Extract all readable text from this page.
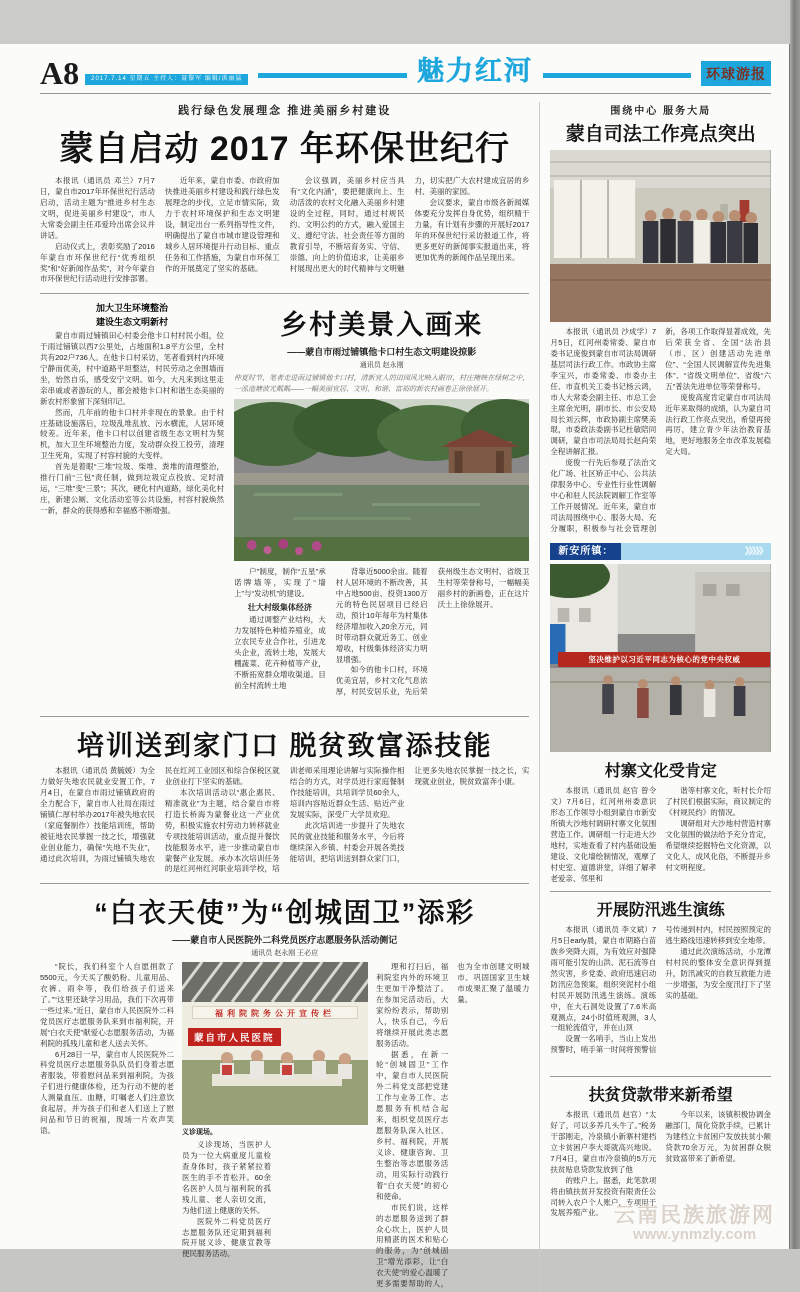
A8	2017.7.14 星期五 主持人：聂黎军 编辑/洪丽猛	魅力红河	环球游报
践行绿色发展理念 推进美丽乡村建设
蒙自启动 2017 年环保世纪行

本报讯（通讯员 邓兰）7月7日，蒙自市2017年环保世纪行活动启动，活动主题为“推进乡村生态文明，促进美丽乡村建设”，市人大常委会副主任邓爱玲出席会议并讲话。

启动仪式上，表彰奖励了2016年蒙自市环保世纪行“优秀组织奖”和“好新闻作品奖”，对今年蒙自市环保世纪行活动进行安排部署。

近年来，蒙自市委、市政府加快推进美丽乡村建设和践行绿色发展理念的步伐，立足市情实际，致力于农村环境保护和生态文明建设，制定出台一系列指导性文件，明确提出了蒙自市城市建设管理和城乡人居环境提升行动目标、重点任务和工作措施，为蒙自市环保工作的开展奠定了坚实的基础。

会议强调，美丽乡村应当具有“文化内涵”，要把健康向上、生动活泼的农村文化融入美丽乡村建设的全过程，同时，通过村规民约、文明公约的方式，融入爱国主义、遵纪守法、社会责任等方面的教育引导，不断培育务实、守信、崇德、向上的价值追求，让美丽乡村展现出更大的时代精神与文明魅力，切实把广大农村建成宜居的乡村、美丽的家园。

会议要求，蒙自市级各新闻媒体要充分发挥自身优势，组织精干力量，有计划有步骤的开展好2017年的环保世纪行采访报道工作，将更多更好的新闻事实报道出来，将更加优秀的新闻作品呈现出来。

加大卫生环境整治
建设生态文明新村

蒙自市雨过铺镇田心村委会他卡口村村民小组，位于雨过铺镇以西7公里处，占地面积1.8平方公里，全村共有202户736人。在他卡口村采访，笔者看到村内环境宁静而优美，村中道路平坦整洁，村民劳动之余围墙而坐，怡然自乐，感受安宁文明。如今，大凡来到这里走亲串戚或者游玩的人，都会被他卡口村和谐生态美丽的新农村形象留下深刻印记。

然而，几年前的他卡口村并非现在的景象。由于村庄基础设施落后，垃圾乱堆乱放、污水横流，人居环境较差。近年来，他卡口村以创建省级生态文明村为契机，加大卫生环境整治力度，发动群众投工投劳，清理卫生死角，实现了村容村貌的大变样。

首先是着眼“三堆”垃圾、柴堆、粪堆的清理整治，推行门前“三包”责任制，做到垃圾定点投放、定时清运，“三堆”变“三景”；其次，硬化村内道路，绿化美化村庄，新建公厕、文化活动室等公共设施，村容村貌焕然一新，群众的获得感和幸福感不断增强。

乡村美景入画来
——蒙自市雨过铺镇他卡口村生态文明建设掠影
通讯员 赵永刚
仲夏时节，笔者走进雨过铺镇他卡口村，清新宜人的田园风光映入眼帘，村庄掩映在绿树之中，一泓池塘波光粼粼——一幅美丽宜居、文明、和谐、富裕的新农村画卷正徐徐展开。

户”制度，制作“五星”承诺牌墙等，实现了“墙上”与“发动机”的建设。

壮大村级集体经济

通过调整产业结构，大力发展特色种植养殖业，成立农民专业合作社，引进龙头企业，流转土地，发展大棚蔬菜、花卉种植等产业，不断拓宽群众增收渠道。目前全村流转土地

背靠近5000余亩。随着村人居环境的不断改善，其中占地500亩、投资1300万元的特色民居项目已经启动，预计10年每年为村集体经济增加收入20余万元，同时带动群众就近务工、创业增收，村级集体经济实力明显增强。

如今的他卡口村，环境优美宜居，乡村文化气息浓厚，村民安居乐业，先后荣获州级生态文明村、省级卫生村等荣誉称号，一幅幅美丽乡村的新画卷，正在这片沃土上徐徐展开。

培训送到家门口 脱贫致富添技能

本报讯（通讯员 黄毓媛）为全力做好失地农民就业安置工作，7月4日，在蒙自市雨过铺镇政府的全力配合下，蒙自市人社局在雨过铺镇仁厚村举办2017年被失地农民（家庭餐制作）技能培训班，帮助被征地农民掌握一技之长，增强就业创业能力，确保“失地不失业”，通过此次培训，为雨过铺镇失地农民在红河工业园区和综合保税区就业创业打下坚实的基础。

本次培训活动以“惠企惠民、精准就业”为主题，结合蒙自市将打造长桥海为蒙餐业这一产业优势，积极实施农村劳动力转移就业专项技能培训活动，重点提升餐饮技能服务水平，进一步推动蒙自市蒙餐产业发展。承办本次培训任务的是红河州红河职业培训学校，培训老师采用理论讲解与实际操作相结合的方式，对学员进行家庭餐制作技能培训，共培训学员60余人，培训内容贴近群众生活、贴近产业发展实际，深受广大学员欢迎。

此次培训进一步提升了失地农民的就业技能和服务水平，今后将继续深入乡镇、村委会开展各类技能培训，把培训送到群众家门口，让更多失地农民掌握一技之长，实现就业创业，脱贫致富奔小康。

“白衣天使”为“创城固卫”添彩
——蒙自市人民医院外二科党员医疗志愿服务队活动侧记
通讯员 赵永刚 王必应

“院长，我们科室个人自愿捐款了5500元，今天买了酸奶粉、儿童用品、衣裤、雨伞等，我们给孩子们送来了。”“这里还缺学习用品，我们下次再带一些过来。”近日，蒙自市人民医院外二科党员医疗志愿服务队来到市福利院，开展“白衣天使”献爱心志愿服务活动，为福利院的孤残儿童和老人送去关怀。

6月28日一早，蒙自市人民医院外二科党员医疗志愿服务队队员们身着志愿者服装，带着慰问品来到福利院，为孩子们进行健康体检，还为行动不便的老人测量血压、血糖，叮嘱老人们注意饮食起居，并为孩子们和老人们送上了慰问品和节日的祝福，现场一片欢声笑语。

福利院院务公开宣传栏
蒙自市人民医院
义诊现场。

义诊现场，当医护人员为一位大病重度儿童检查身体时，孩子紧紧拉着医生的手不肯松开。60余名医护人员与福利院的孤残儿童、老人亲切交流，为他们送上健康的关怀。

医院外二科党员医疗志愿服务队还定期到福利院开展义诊、健康宣教等便民服务活动。

理和打扫后，福利院室内外的环境卫生更加干净整洁了。在参加完活动后，大家纷纷表示，帮助别人，快乐自己，今后将继续开展此类志愿服务活动。

据悉，在新一轮“创城固卫”工作中，蒙自市人民医院外二科党支部把党建工作与业务工作、志愿服务有机结合起来，组织党员医疗志愿服务队深入社区、乡村、福利院，开展义诊、健康咨询、卫生整治等志愿服务活动，用实际行动践行着“白衣天使”的初心和使命。

市民们说，这样的志愿服务送到了群众心坎上，医护人员用精湛的医术和贴心的服务，为“创城固卫”增光添彩，让“白衣天使”的爱心温暖了更多需要帮助的人，也为全市创建文明城市、巩固国家卫生城市成果汇聚了温暖力量。

围绕中心 服务大局
蒙自司法工作亮点突出

本报讯（通讯员 沙成学）7月5日，红河州委常委、蒙自市委书记庞俊到蒙自市司法局调研基层司法行政工作。市政协主席李宝兴，市委常委、市委办主任、市直机关工委书记杨云鸿，市人大常委会副主任、市总工会主席余光明，副市长、市公安局局长刘云辉，市政协副主席樊美琨，市委政法委副书记杜敏陪同调研，蒙自市司法局局长赵尚荣全程讲解汇报。

庞俊一行先后参观了法治文化广场、社区矫正中心、公共法律服务中心、专业性行业性调解中心和驻人民法院调解工作室等工作开展情况。近年来，蒙自市司法局围绕中心、服务大局、充分履职，积极参与社会管理创新，各项工作取得显著成效，先后荣获全省、全国“法治县（市、区）创建活动先进单位”、“全国人民调解宣传先进集体”、“省级文明单位”、省级“六五”普法先进单位等荣誉称号。

庞俊高度肯定蒙自市司法局近年来取得的成绩，认为蒙自司法行政工作亮点突出，希望再接再厉，建立青少年法治教育基地，更好地服务全市改革发展稳定大局。

新安所镇：	》》》》》
坚决维护以习近平同志为核心的党中央权威
村寨文化受肯定

本报讯（通讯员 赵官 曾令文）7月6日，红河州州委意识形态工作领导小组到蒙自市新安所镇大沙地村调研村寨文化氛围营造工作。调研组一行走进大沙地村，实地查看了村内基础设施建设、文化墙绘制情况，观摩了村史室、道德讲堂，详细了解孝老爱亲、邻里和

谐等村寨文化，听村长介绍了村民们根据实际，商议制定的《村规民约》的情况。

调研组对大沙地村营造村寨文化氛围的做法给予充分肯定，希望继续挖掘特色文化资源，以文化人、成风化俗，不断提升乡村文明程度。

开展防汛逃生演练

本报讯（通讯员 李文斌）7月5日early晨，蒙自市期路白苗族乡突降大雨，为有效应对强降雨可能引发的山洪、泥石流等自然灾害，乡党委、政府迅速启动防汛应急预案，组织突泥村小组村民开展防汛逃生演练。演练中，在大石洞处设置了7.6米高观测点，24小时值班观测，3人一组轮流值守，并在山顶

设置一名哨手，当山上发出预警时，哨手第一时间将预警信号传递到村内，村民按照预定的逃生路线迅速转移到安全地带。

通过此次演练活动，小龙潭村村民的整体安全意识得到提升，防汛减灾的自救互救能力进一步增强，为安全度汛打下了坚实的基础。

扶贫贷款带来新希望

本报讯（通讯员 赵官）“太好了，可以多养几头牛了。”税务干部刚走，冷泉镇小新寨村建档立卡贫困户李大哥就高兴地说。7月4日，蒙自市冷泉镇的5万元扶贫贴息贷款发放到了他

的账户上。据悉，此笔款项将由镇扶贫开发投资有限责任公司转入农户个人账户，专项用于发展养殖产业。

今年以来，该镇积极协调金融部门，简化贷款手续，已累计为建档立卡贫困户发放扶贫小额贷款70余万元，为贫困群众脱贫致富带来了新希望。

云南民族旅游网
www.ynmzly.com
